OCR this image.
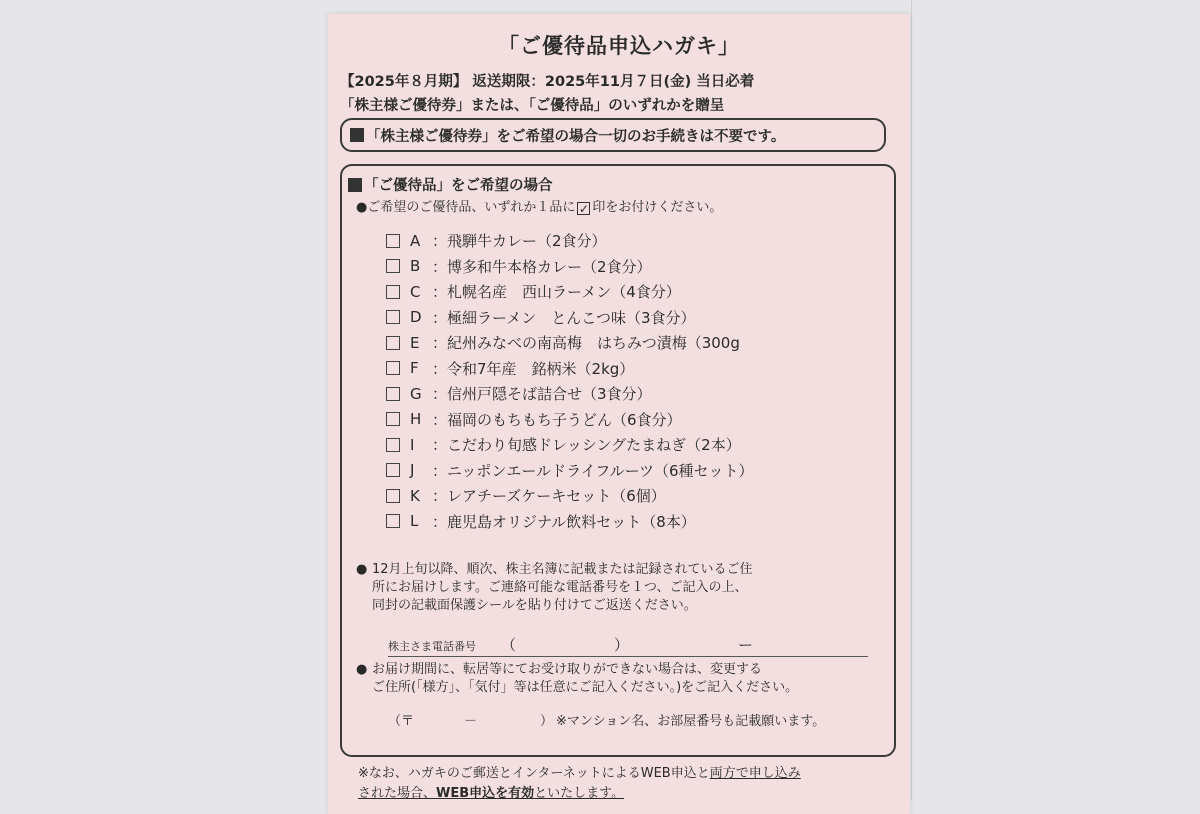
「ご優待品申込ハガキ」
【2025年８月期】 返送期限：2025年11月７日(金) 当日必着
「株主様ご優待券」または、「ご優待品」のいずれかを贈呈
「株主様ご優待券」をご希望の場合一切のお手続きは不要です。
「ご優待品」をご希望の場合
●ご希望のご優待品、いずれか１品に ✓ 印をお付けください。
A ：飛騨牛カレー（2食分）
B ：博多和牛本格カレー（2食分）
C ：札幌名産　西山ラーメン（4食分）
D ：極細ラーメン　とんこつ味（3食分）
E ：紀州みなべの南高梅　はちみつ漬梅（300g
F ：令和7年産　銘柄米（2kg）
G ：信州戸隠そば詰合せ（3食分）
H ：福岡のもちもち子うどん（6食分）
I	：こだわり旬感ドレッシングたまねぎ（2本）
J	：ニッポンエールドライフルーツ（6種セット）
K ：レアチーズケーキセット（6個）
L ：鹿児島オリジナル飲料セット（8本）
● 12月上旬以降、順次、株主名簿に記載または記録されているご住
所にお届けします。ご連絡可能な電話番号を１つ、ご記入の上、
同封の記載面保護シールを貼り付けてご返送ください。
株主さま電話番号 （	）	ー
● お届け期間に、転居等にてお受け取りができない場合は、変更する
ご住所(「様方」、「気付」等は任意にご記入ください。)をご記入ください。
（〒	－	） ※マンション名、お部屋番号も記載願います。
※なお、ハガキのご郵送とインターネットによるWEB申込と両方で申し込み
された場合、WEB申込を有効といたします。
